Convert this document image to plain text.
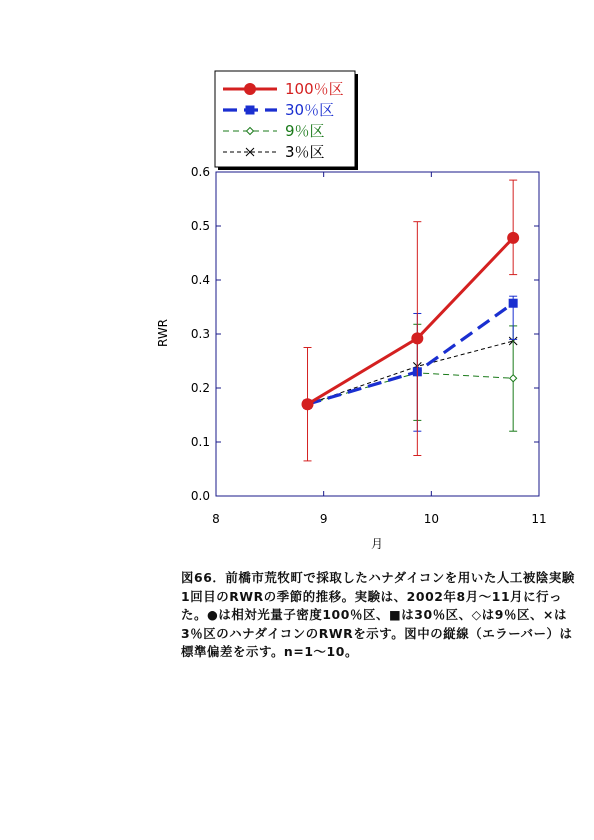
100％区
30％区
9％区
3％区
0.0
0.1
0.2
0.3
0.4
0.5
0.6
8	9	10	11
月
RWR
図66．前橋市荒牧町で採取したハナダイコンを用いた人工被陰実験1回目のRWRの季節的推移。実験は、2002年8月～11月に行った。●は相対光量子密度100％区、■は30％区、◇は9％区、×は3％区のハナダイコンのRWRを示す。図中の縦線（エラーバー）は標準偏差を示す。n=1～10。
